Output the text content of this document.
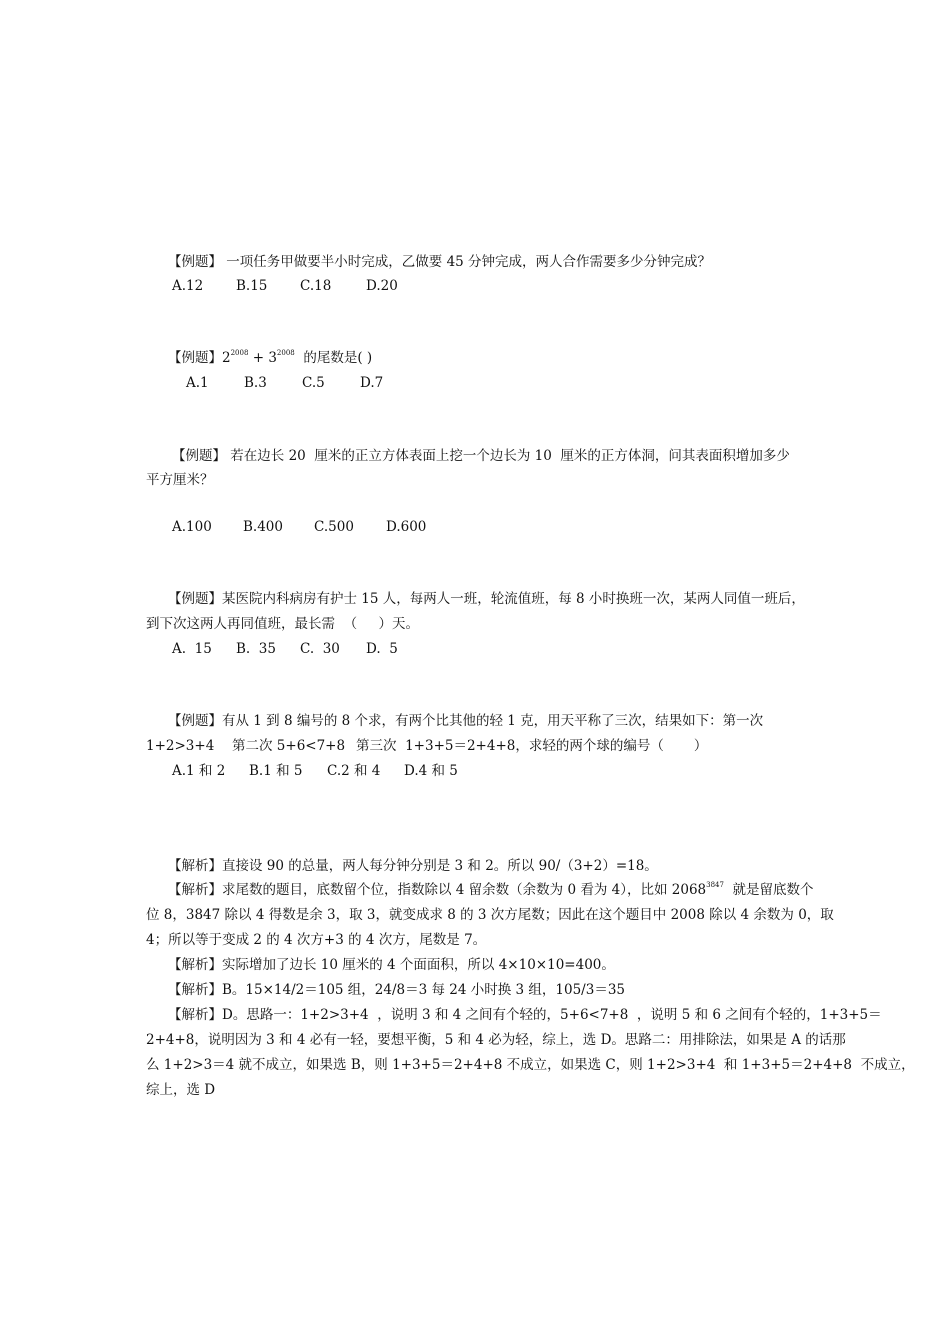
【例题】 一项任务甲做要半小时完成，乙做要 45 分钟完成，两人合作需要多少分钟完成？
A.12 B.15 C.18	D.20
【例题】$2^{2008} + 3^{2008}$  的尾数是( )
A.1	B.3	C.5	D.7
【例题】 若在边长 20  厘米的正立方体表面上挖一个边长为 10  厘米的正方体洞，问其表面积增加多少
平方厘米？
A.100 B.400 C.500 D.600
【例题】某医院内科病房有护士 15 人，每两人一班，轮流值班，每 8 小时换班一次，某两人同值一班后，
到下次这两人再同值班，最长需  （     ）天。
A.  15 B.  35 C.  30 D.  5
【例题】有从 1 到 8 编号的 8 个求，有两个比其他的轻 1 克，用天平称了三次，结果如下：第一次
1+2>3+4 第二次 5+6<7+8 第三次  1+3+5＝2+4+8，求轻的两个球的编号（       ）
A.1 和 2 B.1 和 5 C.2 和 4 D.4 和 5
【解析】直接设 90 的总量，两人每分钟分别是 3 和 2。所以 90/（3+2）=18。
【解析】求尾数的题目，底数留个位，指数除以 4 留余数（余数为 0 看为 4），比如 $2068^{3847}$  就是留底数个
位 8，3847 除以 4 得数是余 3，取 3，就变成求 8 的 3 次方尾数；因此在这个题目中 2008 除以 4 余数为 0，取
4；所以等于变成 2 的 4 次方+3 的 4 次方，尾数是 7。
【解析】实际增加了边长 10 厘米的 4 个面面积，所以 4×10×10=400。
【解析】B。15×14/2＝105 组，24/8＝3 每 24 小时换 3 组，105/3＝35
【解析】D。思路一：1+2>3+4  ，说明 3 和 4 之间有个轻的，5+6<7+8  ，说明 5 和 6 之间有个轻的，1+3+5＝
2+4+8，说明因为 3 和 4 必有一轻，要想平衡，5 和 4 必为轻，综上，选 D。思路二：用排除法，如果是 A 的话那
么 1+2>3＝4 就不成立，如果选 B，则 1+3+5＝2+4+8 不成立，如果选 C，则 1+2>3+4  和 1+3+5＝2+4+8  不成立，
综上，选 D
